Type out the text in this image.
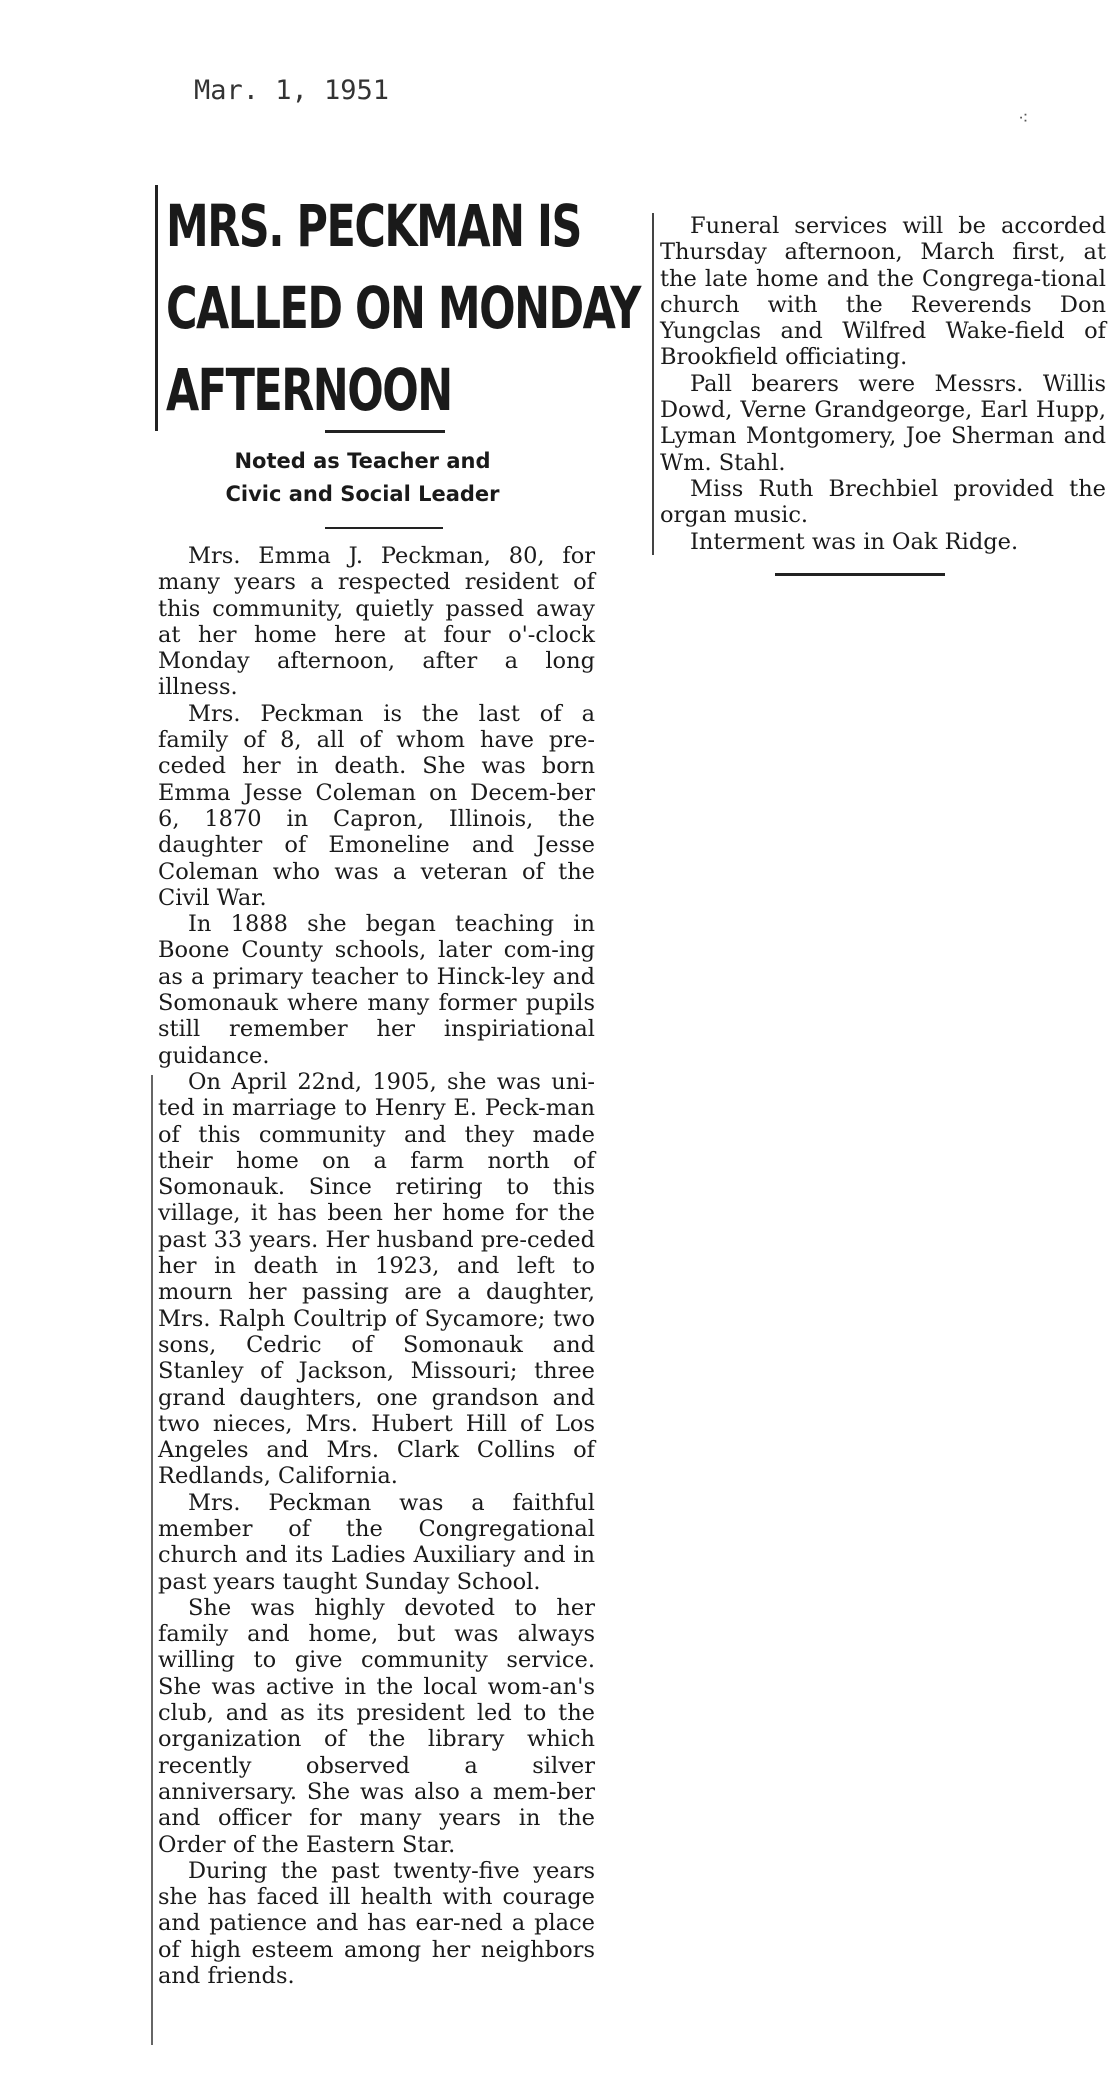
Mar. 1, 1951
⁖
MRS. PECKMAN IS
CALLED ON MONDAY
AFTERNOON
Noted as Teacher and
Civic and Social Leader

Mrs. Emma J. Peckman, 80, for many years a respected resident of this community, quietly passed away at her home here at four o'-clock Monday afternoon, after a long illness.

Mrs. Peckman is the last of a family of 8, all of whom have pre-ceded her in death. She was born Emma Jesse Coleman on Decem-ber 6, 1870 in Capron, Illinois, the daughter of Emoneline and Jesse Coleman who was a veteran of the Civil War.

In 1888 she began teaching in Boone County schools, later com-ing as a primary teacher to Hinck-ley and Somonauk where many former pupils still remember her inspiriational guidance.

On April 22nd, 1905, she was uni-ted in marriage to Henry E. Peck-man of this community and they made their home on a farm north of Somonauk. Since retiring to this village, it has been her home for the past 33 years. Her husband pre-ceded her in death in 1923, and left to mourn her passing are a daughter, Mrs. Ralph Coultrip of Sycamore; two sons, Cedric of Somonauk and Stanley of Jackson, Missouri; three grand daughters, one grandson and two nieces, Mrs. Hubert Hill of Los Angeles and Mrs. Clark Collins of Redlands, California.

Mrs. Peckman was a faithful member of the Congregational church and its Ladies Auxiliary and in past years taught Sunday School.

She was highly devoted to her family and home, but was always willing to give community service. She was active in the local wom-an's club, and as its president led to the organization of the library which recently observed a silver anniversary. She was also a mem-ber and officer for many years in the Order of the Eastern Star.

During the past twenty-five years she has faced ill health with courage and patience and has ear-ned a place of high esteem among her neighbors and friends.

Funeral services will be accorded Thursday afternoon, March first, at the late home and the Congrega-tional church with the Reverends Don Yungclas and Wilfred Wake-field of Brookfield officiating.

Pall bearers were Messrs. Willis Dowd, Verne Grandgeorge, Earl Hupp, Lyman Montgomery, Joe Sherman and Wm. Stahl.

Miss Ruth Brechbiel provided the organ music.

Interment was in Oak Ridge.
